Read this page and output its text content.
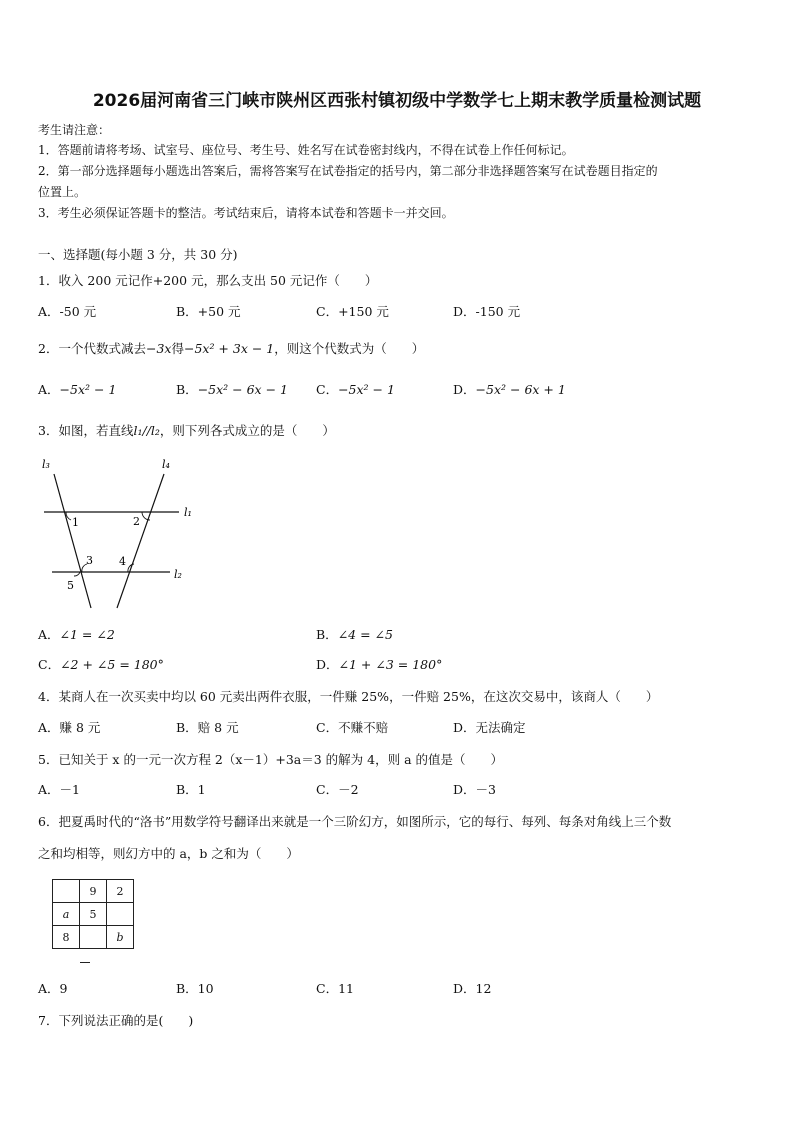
2026届河南省三门峡市陕州区西张村镇初级中学数学七上期末教学质量检测试题
考生请注意：
1．答题前请将考场、试室号、座位号、考生号、姓名写在试卷密封线内，不得在试卷上作任何标记。
2．第一部分选择题每小题选出答案后，需将答案写在试卷指定的括号内，第二部分非选择题答案写在试卷题目指定的
位置上。
3．考生必须保证答题卡的整洁。考试结束后，请将本试卷和答题卡一并交回。
一、选择题(每小题 3 分，共 30 分)
1．收入 200 元记作+200 元，那么支出 50 元记作（　　）
A．-50 元	B．+50 元	C．+150 元	D．-150 元
2．一个代数式减去−3x得−5x² + 3x − 1，则这个代数式为（　　）
A．−5x² − 1	B．−5x² − 6x − 1 C．−5x² − 1	D．−5x² − 6x + 1
3．如图，若直线l₁//l₂，则下列各式成立的是（　　）
l₃	l₄
l₁
l₂
1	2
3 4
5
A．∠1 = ∠2	B．∠4 = ∠5
C．∠2 + ∠5 = 180°	D．∠1 + ∠3 = 180°
4．某商人在一次买卖中均以 60 元卖出两件衣服，一件赚 25%，一件赔 25%，在这次交易中，该商人（　　）
A．赚 8 元	B．赔 8 元	C．不赚不赔	D．无法确定
5．已知关于 x 的一元一次方程 2（x－1）+3a＝3 的解为 4，则 a 的值是（　　）
A．－1	B．1	C．－2	D．－3
6．把夏禹时代的“洛书”用数学符号翻译出来就是一个三阶幻方，如图所示，它的每行、每列、每条对角线上三个数
之和均相等，则幻方中的 a，b 之和为（　　）
	9	2
a	5	
8		b
A．9	B．10	C．11	D．12
7．下列说法正确的是(　　)
